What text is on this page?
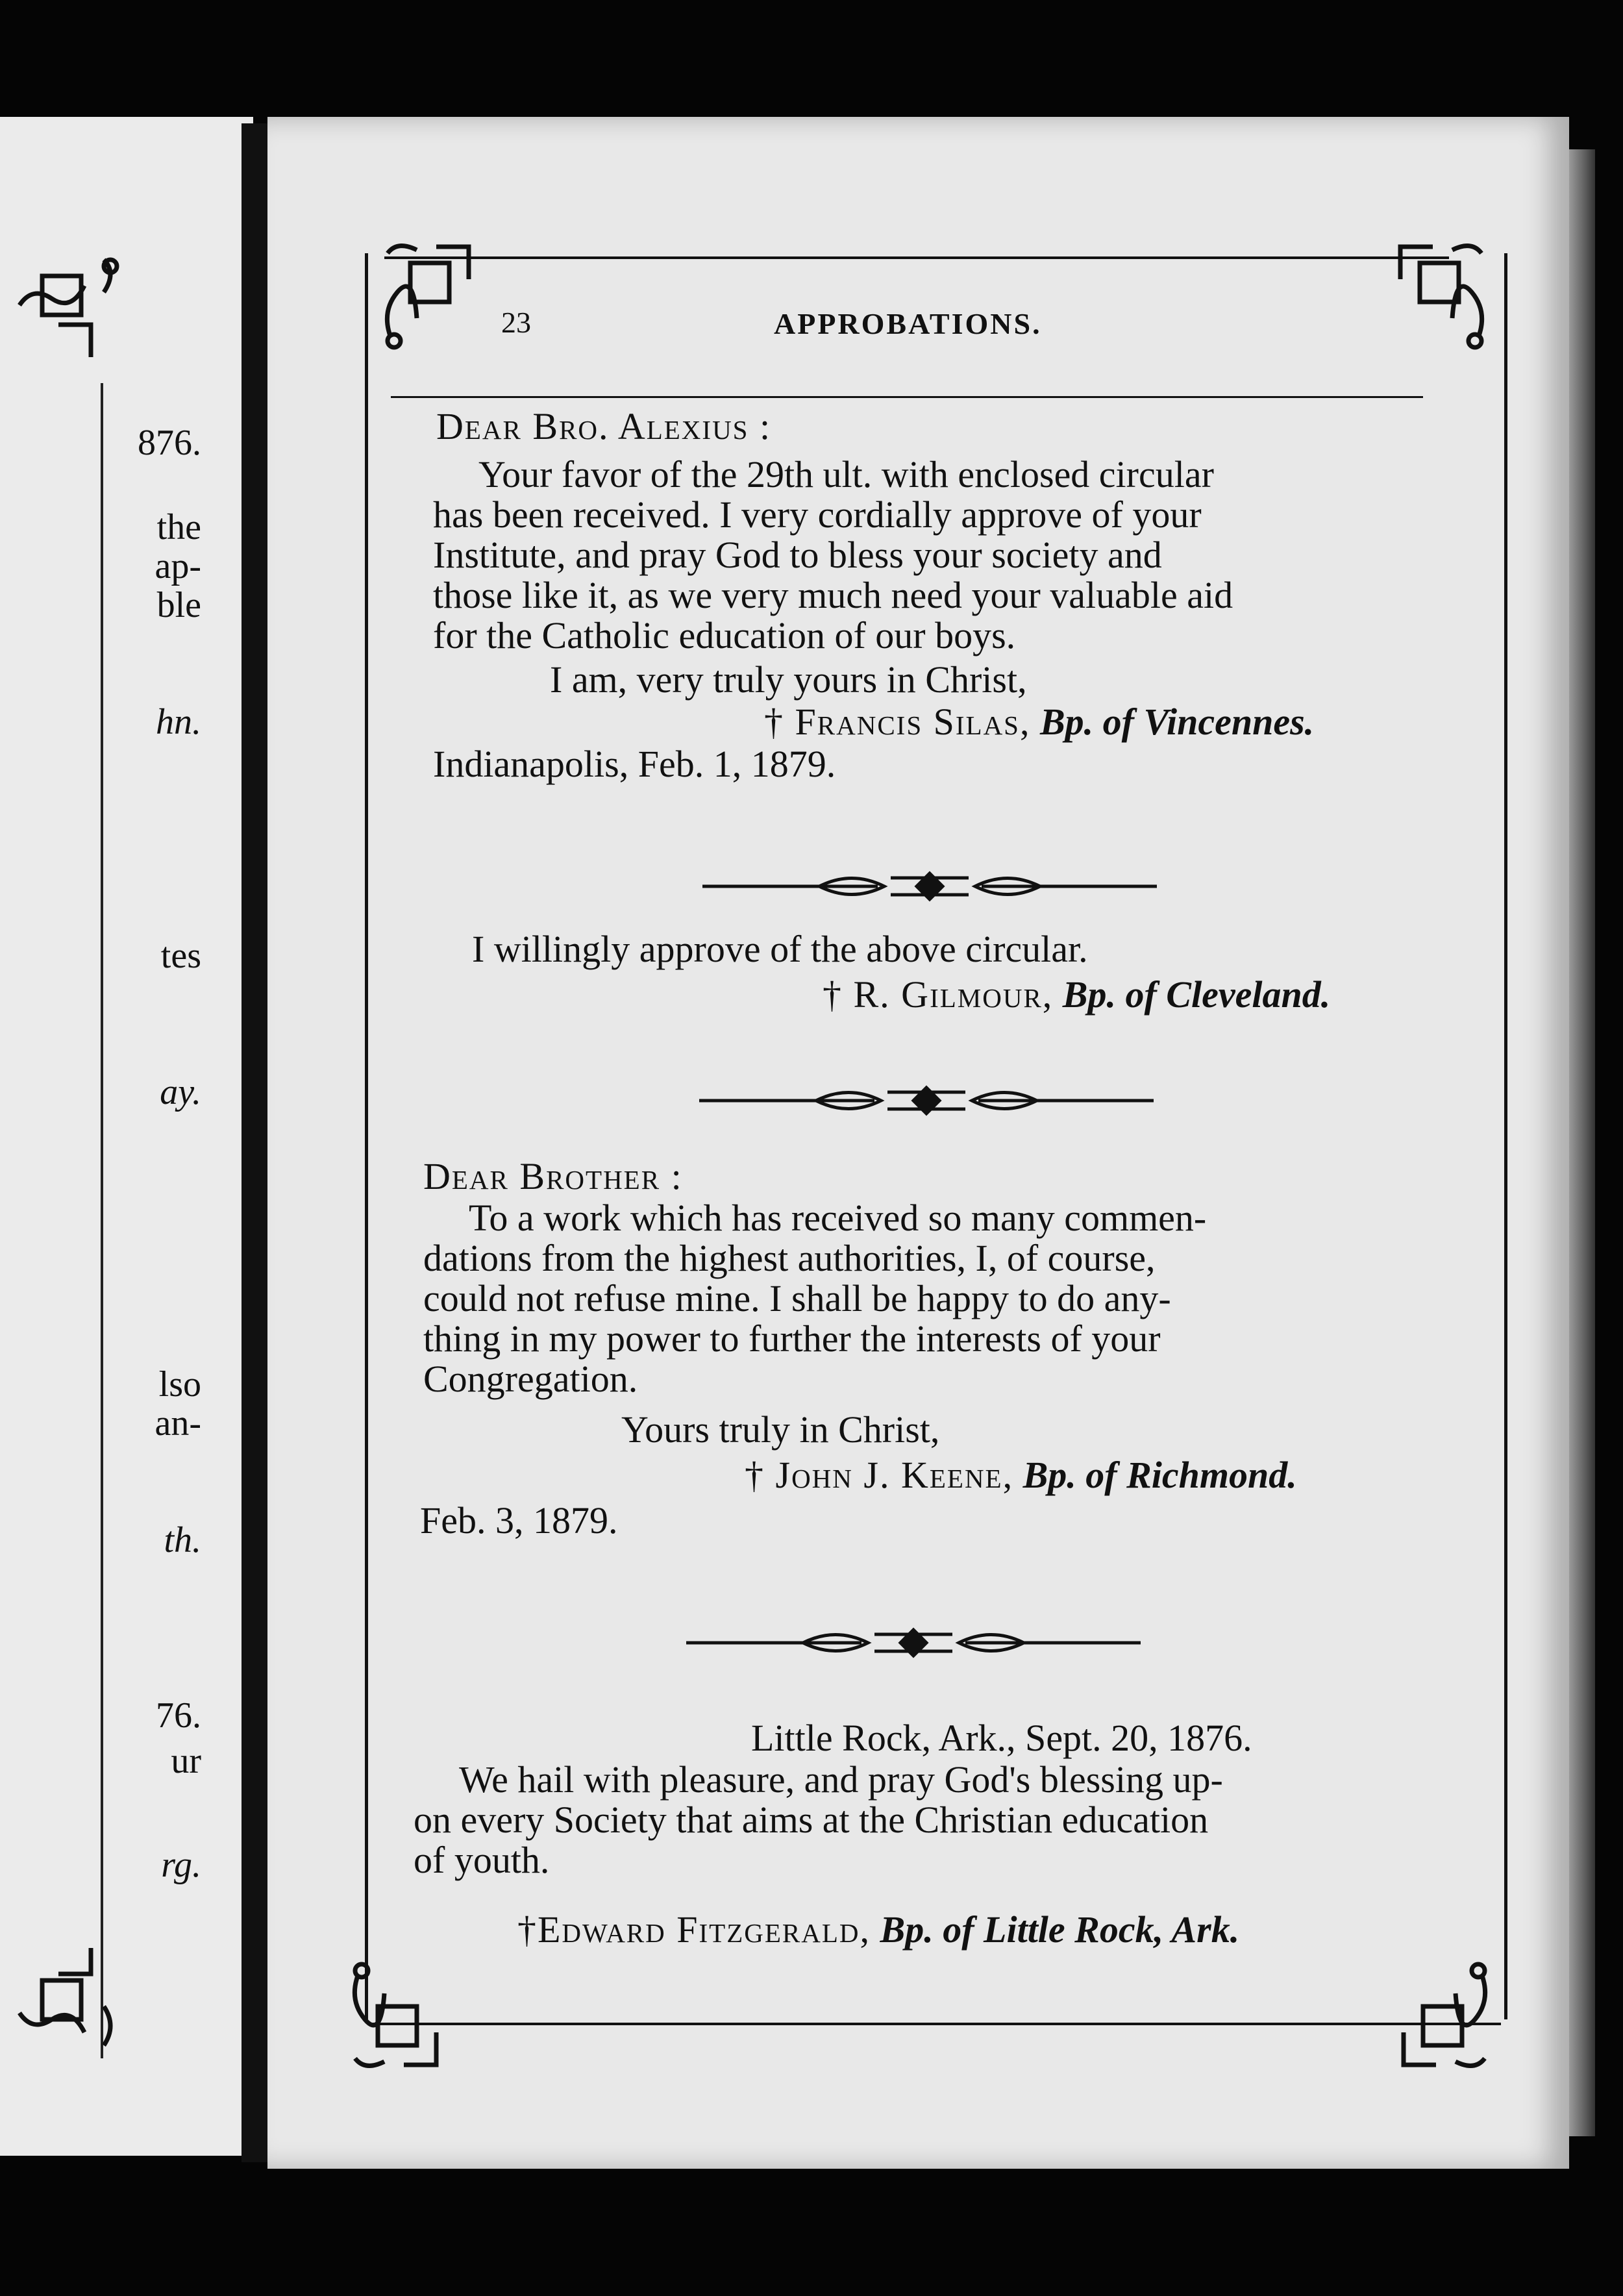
876.
the
ap-
ble
hn.
tes
ay.
lso
an-
th.
76.
ur
rg.
23	APPROBATIONS.
Dear Bro. Alexius :
Your favor of the 29th ult. with enclosed circular
has been received. I very cordially approve of your
Institute, and pray God to bless your society and
those like it, as we very much need your valuable aid
for the Catholic education of our boys.
I am, very truly yours in Christ,
† Francis Silas, Bp. of Vincennes.
Indianapolis, Feb. 1, 1879.
I willingly approve of the above circular.
† R. Gilmour, Bp. of Cleveland.
Dear Brother :
To a work which has received so many commen-
dations from the highest authorities, I, of course,
could not refuse mine. I shall be happy to do any-
thing in my power to further the interests of your
Congregation.
Yours truly in Christ,
† John J. Keene, Bp. of Richmond.
Feb. 3, 1879.
Little Rock, Ark., Sept. 20, 1876.
We hail with pleasure, and pray God's blessing up-
on every Society that aims at the Christian education
of youth.
†Edward Fitzgerald, Bp. of Little Rock, Ark.
